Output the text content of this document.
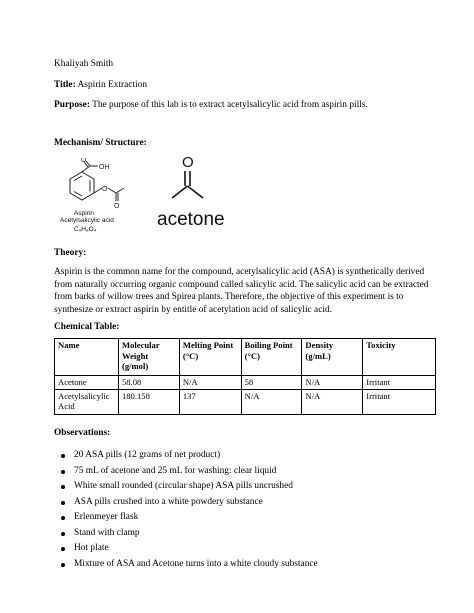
Khaliyah Smith
Title: Aspirin Extraction
Purpose: The purpose of this lab is to extract acetylsalicylic acid from aspirin pills.
Mechanism/ Structure:
OH
O
O
O
Aspirin
Acetylsalicylic acid
C₉H₈O₄
O
acetone
Theory:
Aspirin is the common name for the compound, acetylsalicylic acid (ASA) is synthetically derived from naturally occurring organic compound called salicylic acid. The salicylic acid can be extracted from barks of willow trees and Spirea plants. Therefore, the objective of this experiment is to synthesize or extract aspirin by entitle of acetylation acid of salicylic acid.
Chemical Table:
Name	Molecular Weight (g/mol)	Melting Point (°C)	Boiling Point (°C)	Density (g/mL)	Toxicity
Acetone	58.08	N/A	58	N/A	Irritant
Acetylsalicylic Acid	180.158	137	N/A	N/A	Irritant
Observations:
20 ASA pills (12 grams of net product)
75 mL of acetone and 25 mL for washing: clear liquid
White small rounded (circular shape) ASA pills uncrushed
ASA pills crushed into a white powdery substance
Erlenmeyer flask
Stand with clamp
Hot plate
Mixture of ASA and Acetone turns into a white cloudy substance
